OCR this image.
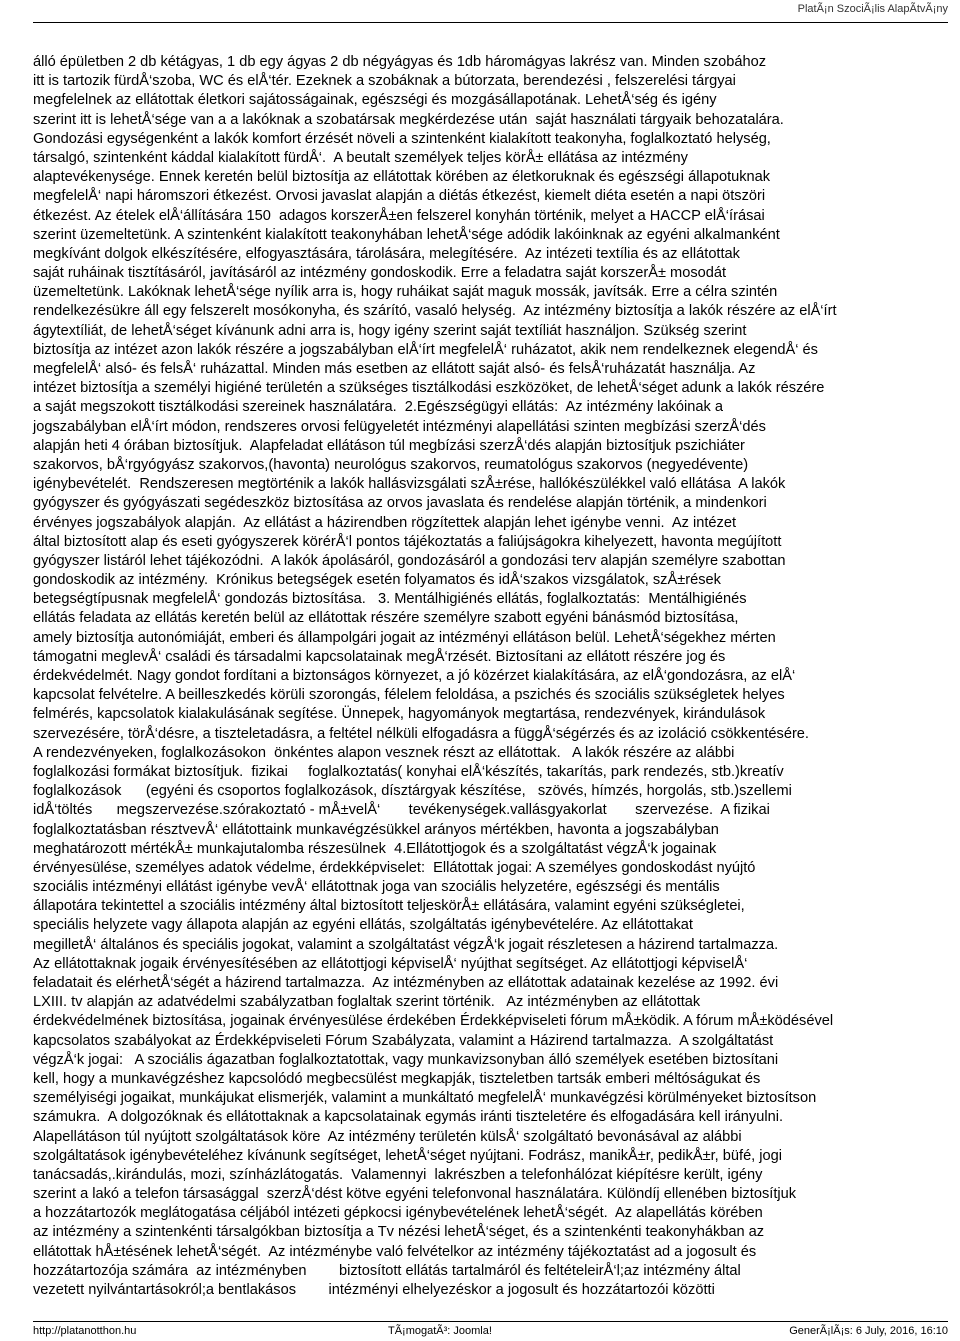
PlatÃ¡n SzociÃ¡lis AlapÃtvÃ¡ny
álló épületben 2 db kétágyas, 1 db egy ágyas 2 db négyágyas és 1db háromágyas lakrész van. Minden szobához
itt is tartozik fürdÅ‘szoba, WC és elÅ‘tér. Ezeknek a szobáknak a bútorzata, berendezési , felszerelési tárgyai
megfelelnek az ellátottak életkori sajátosságainak, egészségi és mozgásállapotának. LehetÅ‘ség és igény
szerint itt is lehetÅ‘sége van a a lakóknak a szobatársak megkérdezése után  saját használati tárgyaik behozatalára.
Gondozási egységenként a lakók komfort érzését növeli a szintenként kialakított teakonyha, foglalkoztató helység,
társalgó, szintenként káddal kialakított fürdÅ‘.  A beutalt személyek teljes körÅ± ellátása az intézmény
alaptevékenysége. Ennek keretén belül biztosítja az ellátottak körében az életkoruknak és egészségi állapotuknak
megfelelÅ‘ napi háromszori étkezést. Orvosi javaslat alapján a diétás étkezést, kiemelt diéta esetén a napi ötszöri
étkezést. Az ételek elÅ‘állítására 150  adagos korszerÅ±en felszerel konyhán történik, melyet a HACCP elÅ‘írásai
szerint üzemeltetünk. A szintenként kialakított teakonyhában lehetÅ‘sége adódik lakóinknak az egyéni alkalmanként
megkívánt dolgok elkészítésére, elfogyasztására, tárolására, melegítésére.  Az intézeti textília és az ellátottak
saját ruháinak tisztításáról, javításáról az intézmény gondoskodik. Erre a feladatra saját korszerÅ± mosodát
üzemeltetünk. Lakóknak lehetÅ‘sége nyílik arra is, hogy ruháikat saját maguk mossák, javítsák. Erre a célra szintén
rendelkezésükre áll egy felszerelt mosókonyha, és szárító, vasaló helység.  Az intézmény biztosítja a lakók részére az elÅ‘írt
ágytextíliát, de lehetÅ‘séget kívánunk adni arra is, hogy igény szerint saját textíliát használjon. Szükség szerint
biztosítja az intézet azon lakók részére a jogszabályban elÅ‘írt megfelelÅ‘ ruházatot, akik nem rendelkeznek elegendÅ‘ és
megfelelÅ‘ alsó- és felsÅ‘ ruházattal. Minden más esetben az ellátott saját alsó- és felsÅ‘ruházatát használja. Az
intézet biztosítja a személyi higiéné területén a szükséges tisztálkodási eszközöket, de lehetÅ‘séget adunk a lakók részére
a saját megszokott tisztálkodási szereinek használatára.  2.Egészségügyi ellátás:  Az intézmény lakóinak a
jogszabályban elÅ‘írt módon, rendszeres orvosi felügyeletét intézményi alapellátási szinten megbízási szerzÅ‘dés
alapján heti 4 órában biztosítjuk.  Alapfeladat ellátáson túl megbízási szerzÅ‘dés alapján biztosítjuk pszichiáter
szakorvos, bÅ‘rgyógyász szakorvos,(havonta) neurológus szakorvos, reumatológus szakorvos (negyedévente)
igénybevételét.  Rendszeresen megtörténik a lakók hallásvizsgálati szÅ±rése, hallókészülékkel való ellátása  A lakók
gyógyszer és gyógyászati segédeszköz biztosítása az orvos javaslata és rendelése alapján történik, a mindenkori
érvényes jogszabályok alapján.  Az ellátást a házirendben rögzítettek alapján lehet igénybe venni.  Az intézet
által biztosított alap és eseti gyógyszerek körérÅ‘l pontos tájékoztatás a faliújságokra kihelyezett, havonta megújított
gyógyszer listáról lehet tájékozódni.  A lakók ápolásáról, gondozásáról a gondozási terv alapján személyre szabottan
gondoskodik az intézmény.  Krónikus betegségek esetén folyamatos és idÅ‘szakos vizsgálatok, szÅ±rések
betegségtípusnak megfelelÅ‘ gondozás biztosítása.   3. Mentálhigiénés ellátás, foglalkoztatás:  Mentálhigiénés
ellátás feladata az ellátás keretén belül az ellátottak részére személyre szabott egyéni bánásmód biztosítása,
amely biztosítja autonómiáját, emberi és állampolgári jogait az intézményi ellátáson belül. LehetÅ‘ségekhez mérten
támogatni meglevÅ‘ családi és társadalmi kapcsolatainak megÅ‘rzését. Biztosítani az ellátott részére jog és
érdekvédelmét. Nagy gondot fordítani a biztonságos környezet, a jó közérzet kialakítására, az elÅ‘gondozásra, az elÅ‘
kapcsolat felvételre. A beilleszkedés körüli szorongás, félelem feloldása, a pszichés és szociális szükségletek helyes
felmérés, kapcsolatok kialakulásának segítése. Ünnepek, hagyományok megtartása, rendezvények, kirándulások
szervezésére, törÅ‘désre, a tiszteletadásra, a feltétel nélküli elfogadásra a függÅ‘ségérzés és az izoláció csökkentésére.
A rendezvényeken, foglalkozásokon  önkéntes alapon vesznek részt az ellátottak.   A lakók részére az alábbi
foglalkozási formákat biztosítjuk.  fizikai     foglalkoztatás( konyhai elÅ‘készítés, takarítás, park rendezés, stb.)kreatív
foglalkozások      (egyéni és csoportos foglalkozások, dísztárgyak készítése,   szövés, hímzés, horgolás, stb.)szellemi
idÅ‘töltés      megszervezése.szórakoztató - mÅ±velÅ‘       tevékenységek.vallásgyakorlat       szervezése.  A fizikai
foglalkoztatásban résztvevÅ‘ ellátottaink munkavégzésükkel arányos mértékben, havonta a jogszabályban
meghatározott mértékÅ± munkajutalomba részesülnek  4.Ellátottjogok és a szolgáltatást végzÅ‘k jogainak
érvényesülése, személyes adatok védelme, érdekképviselet:  Ellátottak jogai: A személyes gondoskodást nyújtó
szociális intézményi ellátást igénybe vevÅ‘ ellátottnak joga van szociális helyzetére, egészségi és mentális
állapotára tekintettel a szociális intézmény által biztosított teljeskörÅ± ellátására, valamint egyéni szükségletei,
speciális helyzete vagy állapota alapján az egyéni ellátás, szolgáltatás igénybevételére. Az ellátottakat
megilletÅ‘ általános és speciális jogokat, valamint a szolgáltatást végzÅ‘k jogait részletesen a házirend tartalmazza.
Az ellátottaknak jogaik érvényesítésében az ellátottjogi képviselÅ‘ nyújthat segítséget. Az ellátottjogi képviselÅ‘
feladatait és elérhetÅ‘ségét a házirend tartalmazza.  Az intézményben az ellátottak adatainak kezelése az 1992. évi
LXIII. tv alapján az adatvédelmi szabályzatban foglaltak szerint történik.   Az intézményben az ellátottak
érdekvédelmének biztosítása, jogainak érvényesülése érdekében Érdekképviseleti fórum mÅ±ködik. A fórum mÅ±ködésével
kapcsolatos szabályokat az Érdekképviseleti Fórum Szabályzata, valamint a Házirend tartalmazza.  A szolgáltatást
végzÅ‘k jogai:   A szociális ágazatban foglalkoztatottak, vagy munkavizsonyban álló személyek esetében biztosítani
kell, hogy a munkavégzéshez kapcsolódó megbecsülést megkapják, tiszteletben tartsák emberi méltóságukat és
személyiségi jogaikat, munkájukat elismerjék, valamint a munkáltató megfelelÅ‘ munkavégzési körülményeket biztosítson
számukra.  A dolgozóknak és ellátottaknak a kapcsolatainak egymás iránti tiszteletére és elfogadására kell irányulni.
Alapellátáson túl nyújtott szolgáltatások köre  Az intézmény területén külsÅ‘ szolgáltató bevonásával az alábbi
szolgáltatások igénybevételéhez kívánunk segítséget, lehetÅ‘séget nyújtani. Fodrász, manikÅ±r, pedikÅ±r, büfé, jogi
tanácsadás,.kirándulás, mozi, színházlátogatás.  Valamennyi  lakrészben a telefonhálózat kiépítésre került, igény
szerint a lakó a telefon társasággal  szerzÅ‘dést kötve egyéni telefonvonal használatára. Különdíj ellenében biztosítjuk
a hozzátartozók meglátogatása céljából intézeti gépkocsi igénybevételének lehetÅ‘ségét.  Az alapellátás körében
az intézmény a szintenkénti társalgókban biztosítja a Tv nézési lehetÅ‘séget, és a szintenkénti teakonyhákban az
ellátottak hÅ±tésének lehetÅ‘ségét.  Az intézménybe való felvételkor az intézmény tájékoztatást ad a jogosult és
hozzátartozója számára  az intézményben        biztosított ellátás tartalmáról és feltételeirÅ‘l;az intézmény által
vezetett nyilvántartásokról;a bentlakásos        intézményi elhelyezéskor a jogosult és hozzátartozói közötti
http://platanotthon.hu	TÃ¡mogatÃ³: Joomla!	GenerÃ¡lÃ¡s: 6 July, 2016, 16:10
